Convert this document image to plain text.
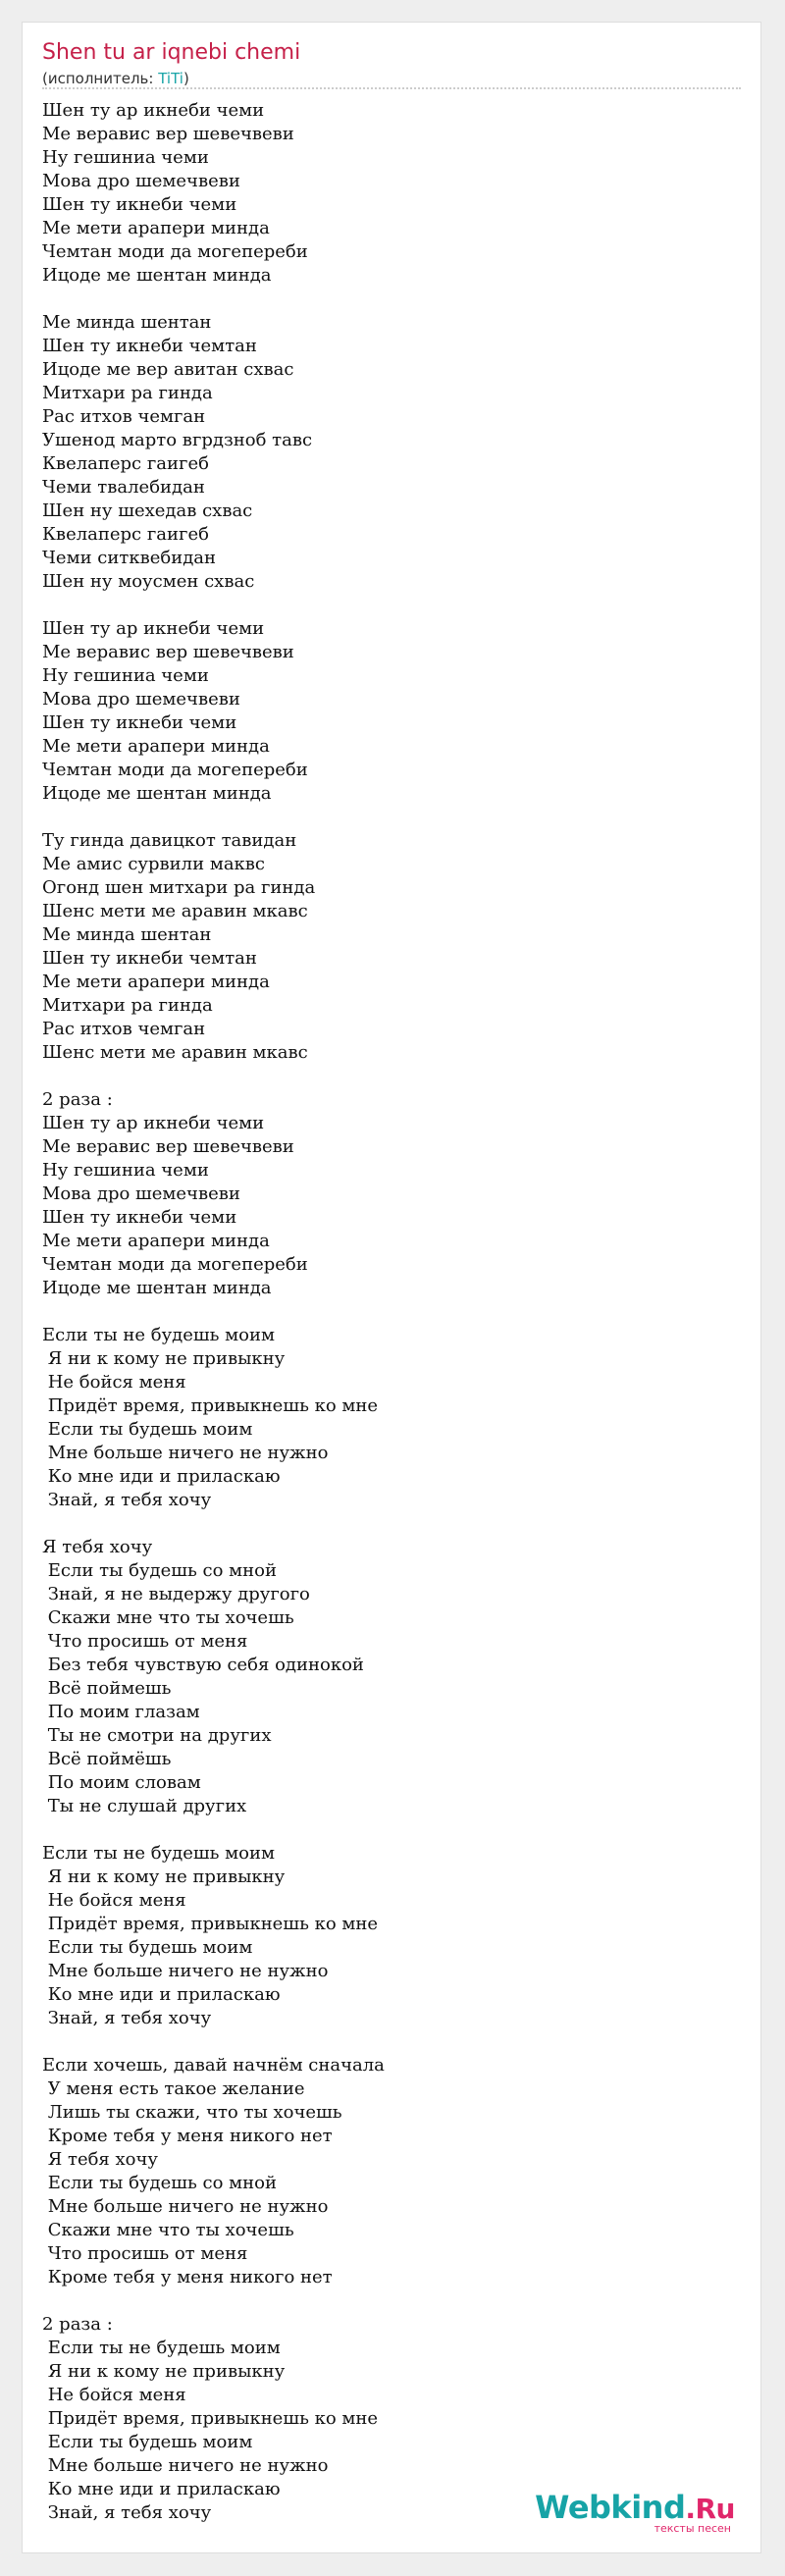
Shen tu ar iqnebi chemi
(исполнитель: TiTi)
Шен ту ар икнеби чеми
Ме веравис вер шевечвеви
Ну гешиниа чеми
Мова дро шемечвеви
Шен ту икнеби чеми
Ме мети арапери минда
Чемтан моди да могепереби
Ицоде ме шентан минда
Ме минда шентан
Шен ту икнеби чемтан
Ицоде ме вер авитан схвас
Митхари ра гинда
Рас итхов чемган
Ушенод марто вгрдзноб тавс
Квелаперс гаигеб
Чеми твалебидан
Шен ну шехедав схвас
Квелаперс гаигеб
Чеми ситквебидан
Шен ну моусмен схвас
Шен ту ар икнеби чеми
Ме веравис вер шевечвеви
Ну гешиниа чеми
Мова дро шемечвеви
Шен ту икнеби чеми
Ме мети арапери минда
Чемтан моди да могепереби
Ицоде ме шентан минда
Ту гинда давицкот тавидан
Ме амис сурвили маквс
Огонд шен митхари ра гинда
Шенс мети ме аравин мкавс
Ме минда шентан
Шен ту икнеби чемтан
Ме мети арапери минда
Митхари ра гинда
Рас итхов чемган
Шенс мети ме аравин мкавс
2 раза :
Шен ту ар икнеби чеми
Ме веравис вер шевечвеви
Ну гешиниа чеми
Мова дро шемечвеви
Шен ту икнеби чеми
Ме мети арапери минда
Чемтан моди да могепереби
Ицоде ме шентан минда
Если ты не будешь моим
Я ни к кому не привыкну
Не бойся меня
Придёт время, привыкнешь ко мне
Если ты будешь моим
Мне больше ничего не нужно
Ко мне иди и приласкаю
Знай, я тебя хочу
Я тебя хочу
Если ты будешь со мной
Знай, я не выдержу другого
Скажи мне что ты хочешь
Что просишь от меня
Без тебя чувствую себя одинокой
Всё поймешь
По моим глазам
Ты не смотри на других
Всё поймёшь
По моим словам
Ты не слушай других
Если ты не будешь моим
Я ни к кому не привыкну
Не бойся меня
Придёт время, привыкнешь ко мне
Если ты будешь моим
Мне больше ничего не нужно
Ко мне иди и приласкаю
Знай, я тебя хочу
Если хочешь, давай начнём сначала
У меня есть такое желание
Лишь ты скажи, что ты хочешь
Кроме тебя у меня никого нет
Я тебя хочу
Если ты будешь со мной
Мне больше ничего не нужно
Скажи мне что ты хочешь
Что просишь от меня
Кроме тебя у меня никого нет
2 раза :
Если ты не будешь моим
Я ни к кому не привыкну
Не бойся меня
Придёт время, привыкнешь ко мне
Если ты будешь моим
Мне больше ничего не нужно
Ко мне иди и приласкаю
Знай, я тебя хочу	Webkind.Ru
тексты песен
